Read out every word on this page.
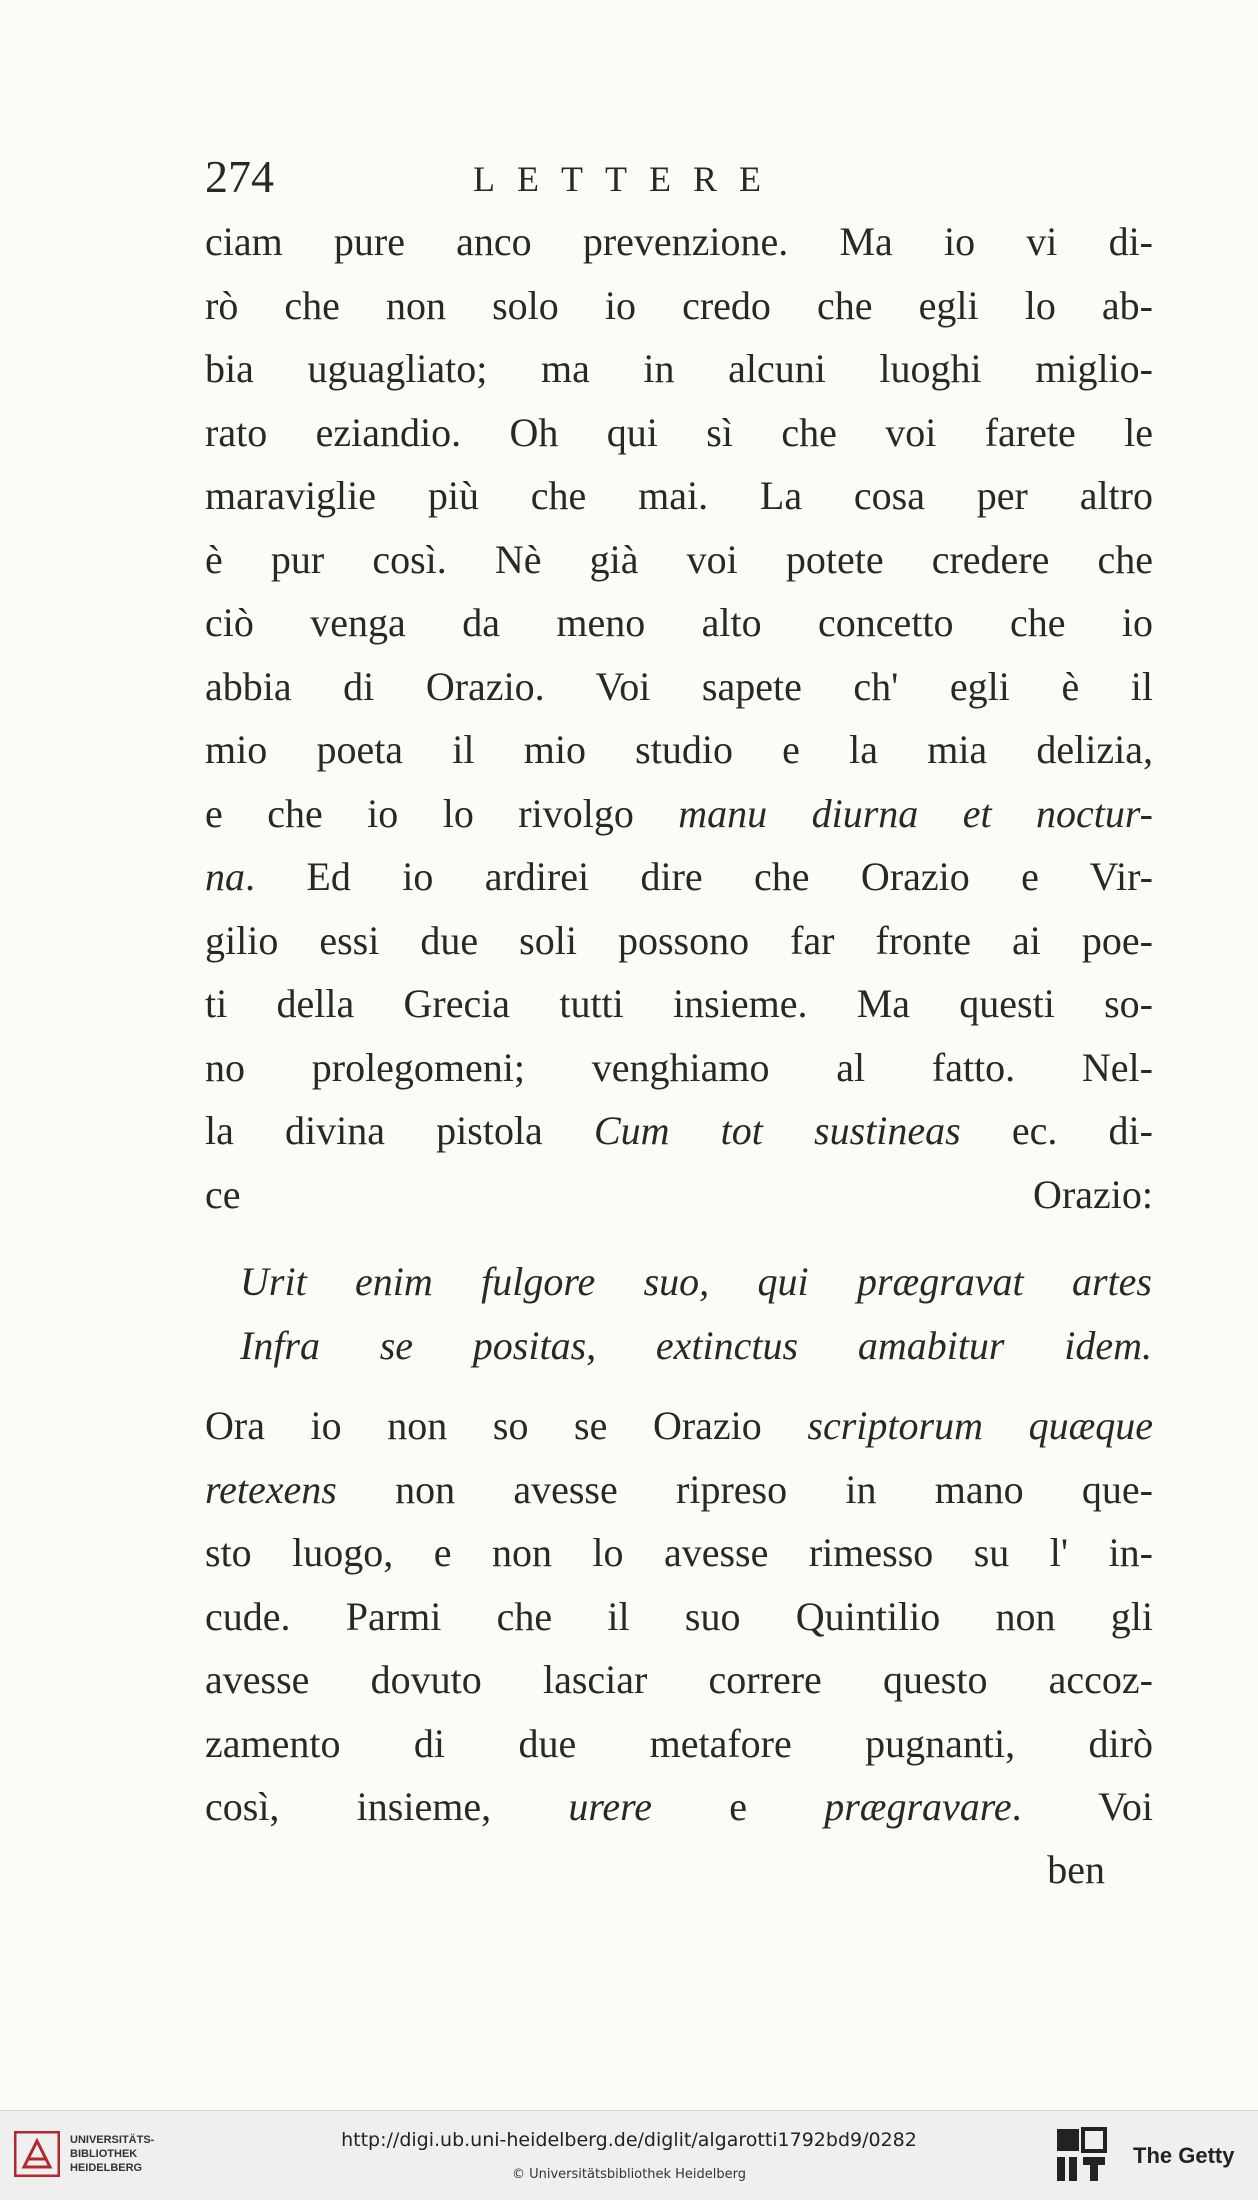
274	LETTERE
ciam pure anco prevenzione. Ma io vi di-
rò che non solo io credo che egli lo ab-
bia uguagliato; ma in alcuni luoghi miglio-
rato eziandio. Oh qui sì che voi farete le
maraviglie più che mai. La cosa per altro
è pur così. Nè già voi potete credere che
ciò venga da meno alto concetto che io
abbia di Orazio. Voi sapete ch' egli è il
mio poeta il mio studio e la mia delizia,
e che io lo rivolgo manu diurna et noctur-
na. Ed io ardirei dire che Orazio e Vir-
gilio essi due soli possono far fronte ai poe-
ti della Grecia tutti insieme. Ma questi so-
no prolegomeni; venghiamo al fatto. Nel-
la divina pistola Cum tot sustineas ec. di-
ce Orazio:
Urit enim fulgore suo, qui prægravat artes
Infra se positas, extinctus amabitur idem.
Ora io non so se Orazio scriptorum quæque
retexens non avesse ripreso in mano que-
sto luogo, e non lo avesse rimesso su l' in-
cude. Parmi che il suo Quintilio non gli
avesse dovuto lasciar correre questo accoz-
zamento di due metafore pugnanti, dirò
così, insieme, urere e prægravare. Voi
ben
UNIVERSITÄTS-
BIBLIOTHEK
HEIDELBERG
http://digi.ub.uni-heidelberg.de/diglit/algarotti1792bd9/0282
© Universitätsbibliothek Heidelberg
The Getty
